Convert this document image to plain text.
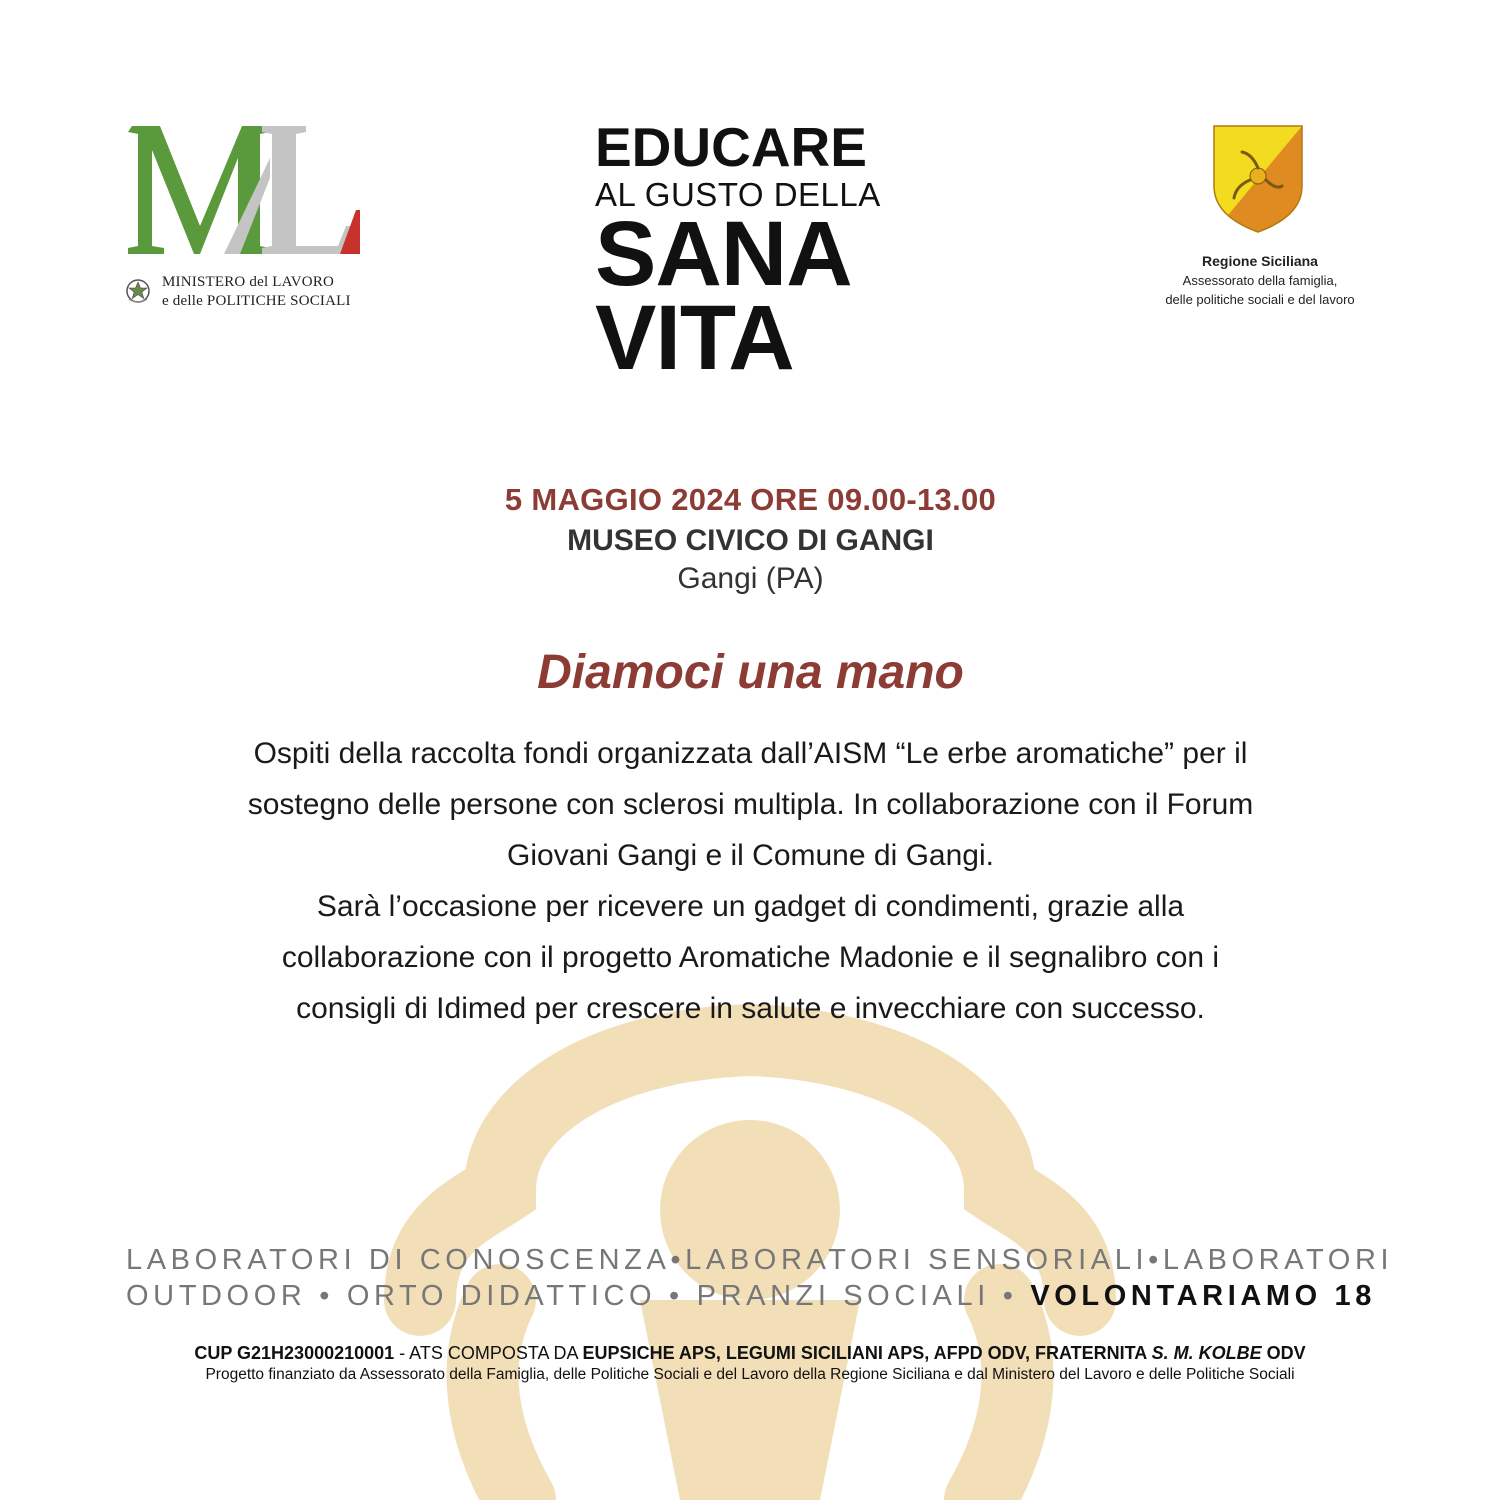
MINISTERO del LAVORO
e delle POLITICHE SOCIALI
EDUCARE
AL GUSTO DELLA
SANA
VITA
Regione Siciliana
Assessorato della famiglia,
delle politiche sociali e del lavoro
5 MAGGIO 2024 ORE 09.00-13.00
MUSEO CIVICO DI GANGI
Gangi (PA)
Diamoci una mano

Ospiti della raccolta fondi organizzata dall’AISM “Le erbe aromatiche” per il

sostegno delle persone con sclerosi multipla. In collaborazione con il Forum

Giovani Gangi e il Comune di Gangi.

Sarà l’occasione per ricevere un gadget di condimenti, grazie alla

collaborazione con il progetto Aromatiche Madonie e il segnalibro con i

consigli di Idimed per crescere in salute e invecchiare con successo.

LABORATORI DI CONOSCENZA • LABORATORI SENSORIALI • LABORATORI
OUTDOOR • ORTO DIDATTICO • PRANZI SOCIALI • VOLONTARIAMO 18
CUP G21H23000210001 - ATS COMPOSTA DA EUPSICHE APS, LEGUMI SICILIANI APS, AFPD ODV, FRATERNITA S. M. KOLBE ODV
Progetto finanziato da Assessorato della Famiglia, delle Politiche Sociali e del Lavoro della Regione Siciliana e dal Ministero del Lavoro e delle Politiche Sociali
